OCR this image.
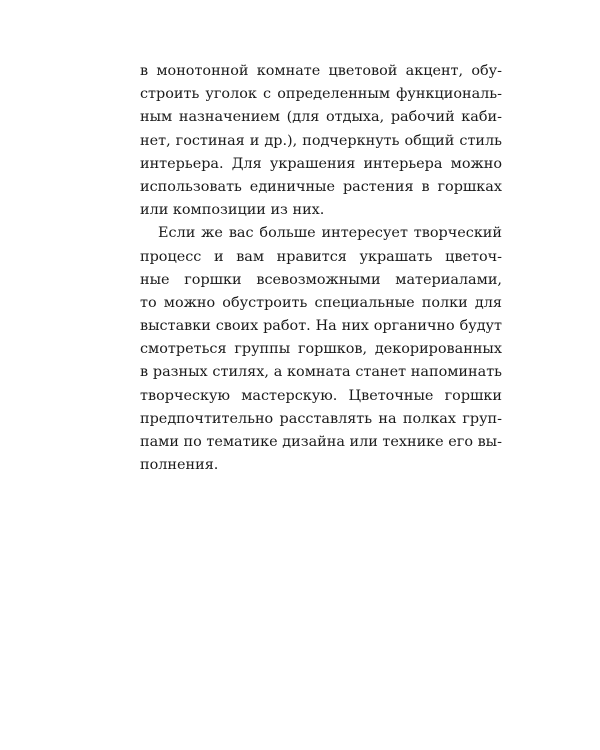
в монотонной комнате цветовой акцент, обу-
строить уголок с определенным функциональ-
ным назначением (для отдыха, рабочий каби-
нет, гостиная и др.), подчеркнуть общий стиль
интерьера. Для украшения интерьера можно
использовать единичные растения в горшках
или композиции из них.
Если же вас больше интересует творческий
процесс и вам нравится украшать цветоч-
ные горшки всевозможными материалами,
то можно обустроить специальные полки для
выставки своих работ. На них органично будут
смотреться группы горшков, декорированных
в разных стилях, а комната станет напоминать
творческую мастерскую. Цветочные горшки
предпочтительно расставлять на полках груп-
пами по тематике дизайна или технике его вы-
полнения.
